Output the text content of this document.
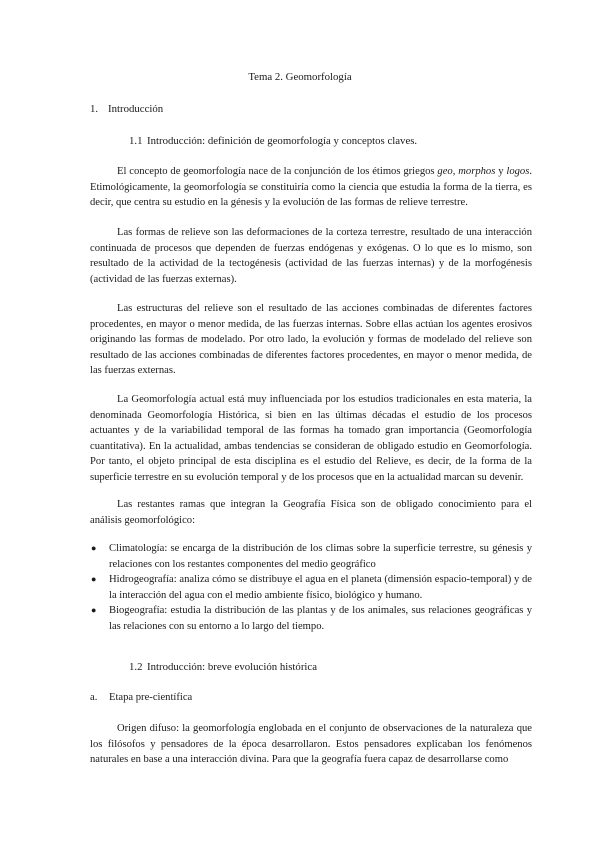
Tema 2. Geomorfología
1. Introducción
1.1 Introducción: definición de geomorfología y conceptos claves.

El concepto de geomorfología nace de la conjunción de los étimos griegos geo, morphos y logos. Etimológicamente, la geomorfología se constituiría como la ciencia que estudia la forma de la tierra, es decir, que centra su estudio en la génesis y la evolución de las formas de relieve terrestre.

Las formas de relieve son las deformaciones de la corteza terrestre, resultado de una interacción continuada de procesos que dependen de fuerzas endógenas y exógenas. O lo que es lo mismo, son resultado de la actividad de la tectogénesis (actividad de las fuerzas internas) y de la morfogénesis (actividad de las fuerzas externas).

Las estructuras del relieve son el resultado de las acciones combinadas de diferentes factores procedentes, en mayor o menor medida, de las fuerzas internas. Sobre ellas actúan los agentes erosivos originando las formas de modelado. Por otro lado, la evolución y formas de modelado del relieve son resultado de las acciones combinadas de diferentes factores procedentes, en mayor o menor medida, de las fuerzas externas.

La Geomorfología actual está muy influenciada por los estudios tradicionales en esta materia, la denominada Geomorfología Histórica, si bien en las últimas décadas el estudio de los procesos actuantes y de la variabilidad temporal de las formas ha tomado gran importancia (Geomorfología cuantitativa). En la actualidad, ambas tendencias se consideran de obligado estudio en Geomorfología. Por tanto, el objeto principal de esta disciplina es el estudio del Relieve, es decir, de la forma de la superficie terrestre en su evolución temporal y de los procesos que en la actualidad marcan su devenir.

Las restantes ramas que integran la Geografía Física son de obligado conocimiento para el análisis geomorfológico:

● Climatología: se encarga de la distribución de los climas sobre la superficie terrestre, su génesis y relaciones con los restantes componentes del medio geográfico
● Hidrogeografía: analiza cómo se distribuye el agua en el planeta (dimensión espacio-temporal) y de la interacción del agua con el medio ambiente físico, biológico y humano.
● Biogeografía: estudia la distribución de las plantas y de los animales, sus relaciones geográficas y las relaciones con su entorno a lo largo del tiempo.
1.2 Introducción: breve evolución histórica
a. Etapa pre-científica

Origen difuso: la geomorfología englobada en el conjunto de observaciones de la naturaleza que los filósofos y pensadores de la época desarrollaron. Estos pensadores explicaban los fenómenos naturales en base a una interacción divina. Para que la geografía fuera capaz de desarrollarse como
